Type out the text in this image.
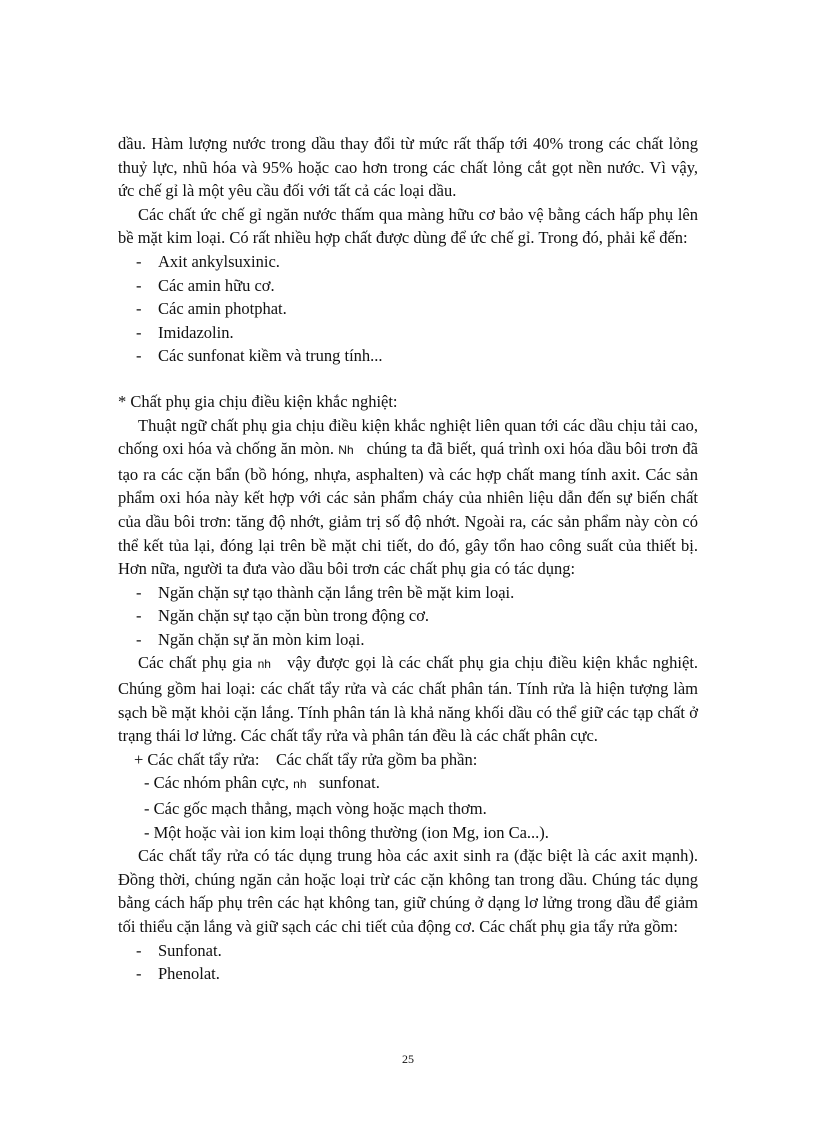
dầu. Hàm lượng nước trong dầu thay đổi từ mức rất thấp tới 40% trong các chất lỏng thuỷ lực, nhũ hóa và 95% hoặc cao hơn trong các chất lỏng cắt gọt nền nước. Vì vậy, ức chế gỉ là một yêu cầu đối với tất cả các loại dầu.

Các chất ức chế gỉ ngăn nước thấm qua màng hữu cơ bảo vệ bằng cách hấp phụ lên bề mặt kim loại. Có rất nhiều hợp chất được dùng để ức chế gỉ. Trong đó, phải kể đến:

- Axit ankylsuxinic.
- Các amin hữu cơ.
- Các amin photphat.
- Imidazolin.
- Các sunfonat kiềm và trung tính...

* Chất phụ gia chịu điều kiện khắc nghiệt:

Thuật ngữ chất phụ gia chịu điều kiện khắc nghiệt liên quan tới các dầu chịu tải cao, chống oxi hóa và chống ăn mòn. Nh chúng ta đã biết, quá trình oxi hóa dầu bôi trơn đã tạo ra các cặn bẩn (bồ hóng, nhựa, asphalten) và các hợp chất mang tính axit. Các sản phẩm oxi hóa này kết hợp với các sản phẩm cháy của nhiên liệu dẫn đến sự biến chất của dầu bôi trơn: tăng độ nhớt, giảm trị số độ nhớt. Ngoài ra, các sản phẩm này còn có thể kết tủa lại, đóng lại trên bề mặt chi tiết, do đó, gây tổn hao công suất của thiết bị. Hơn nữa, người ta đưa vào dầu bôi trơn các chất phụ gia có tác dụng:

- Ngăn chặn sự tạo thành cặn lắng trên bề mặt kim loại.
- Ngăn chặn sự tạo cặn bùn trong động cơ.
- Ngăn chặn sự ăn mòn kim loại.

Các chất phụ gia nh vậy được gọi là các chất phụ gia chịu điều kiện khắc nghiệt. Chúng gồm hai loại: các chất tẩy rửa và các chất phân tán. Tính rửa là hiện tượng làm sạch bề mặt khỏi cặn lắng. Tính phân tán là khả năng khối dầu có thể giữ các tạp chất ở trạng thái lơ lửng. Các chất tẩy rửa và phân tán đều là các chất phân cực.

+ Các chất tẩy rửa:    Các chất tẩy rửa gồm ba phần:

- Các nhóm phân cực, nh sunfonat.

- Các gốc mạch thẳng, mạch vòng hoặc mạch thơm.

- Một hoặc vài ion kim loại thông thường (ion Mg, ion Ca...).

Các chất tẩy rửa có tác dụng trung hòa các axit sinh ra (đặc biệt là các axit mạnh). Đồng thời, chúng ngăn cản hoặc loại trừ các cặn không tan trong dầu. Chúng tác dụng bằng cách hấp phụ trên các hạt không tan, giữ chúng ở dạng lơ lửng trong dầu để giảm tối thiểu cặn lắng và giữ sạch các chi tiết của động cơ. Các chất phụ gia tẩy rửa gồm:

- Sunfonat.
- Phenolat.
25
